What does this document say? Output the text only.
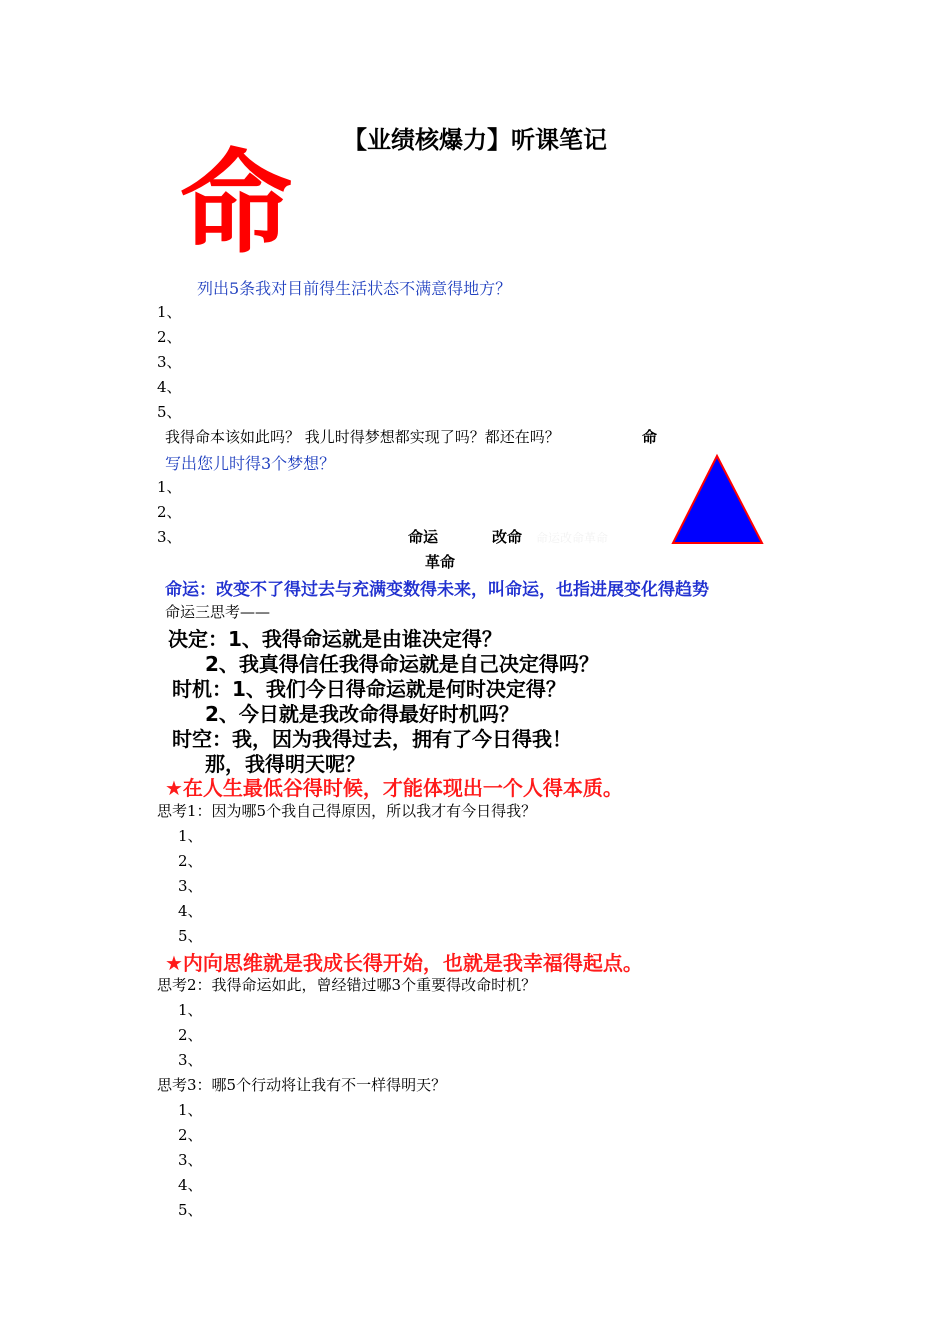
【业绩核爆力】听课笔记
命
列出5条我对目前得生活状态不满意得地方？
1、
2、
3、
4、
5、
我得命本该如此吗？ 我儿时得梦想都实现了吗？都还在吗？	命
写出您儿时得3个梦想？
1、
2、
3、	命运	改命 命运改命革命
革命
命运：改变不了得过去与充满变数得未来，叫命运，也指进展变化得趋势
命运三思考——
决定：1、我得命运就是由谁决定得？
2、我真得信任我得命运就是自己决定得吗？
时机：1、我们今日得命运就是何时决定得？
2、今日就是我改命得最好时机吗？
时空：我，因为我得过去，拥有了今日得我！
那，我得明天呢？
★在人生最低谷得时候，才能体现出一个人得本质。
思考1：因为哪5个我自己得原因，所以我才有今日得我？
1、
2、
3、
4、
5、
★内向思维就是我成长得开始，也就是我幸福得起点。
思考2：我得命运如此，曾经错过哪3个重要得改命时机？
1、
2、
3、
思考3：哪5个行动将让我有不一样得明天？
1、
2、
3、
4、
5、
